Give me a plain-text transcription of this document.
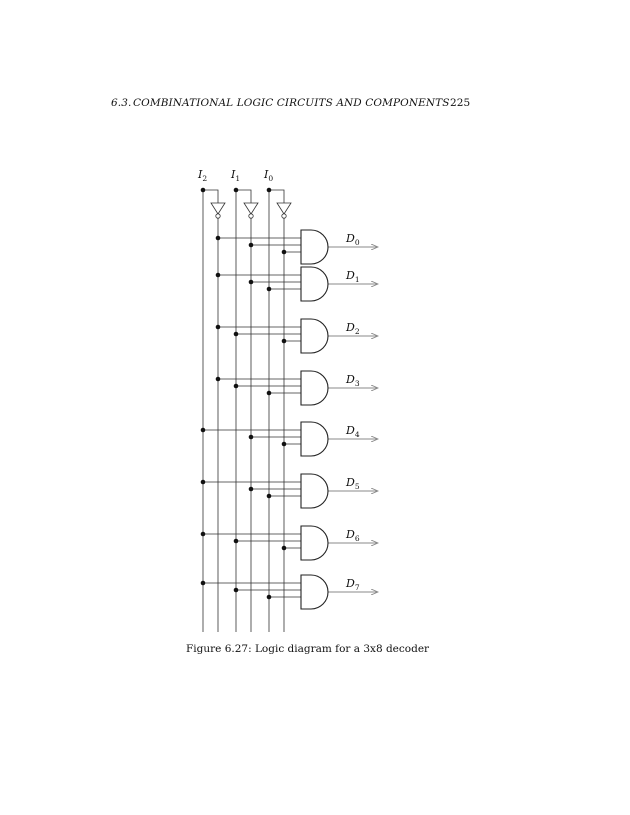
6.3. COMBINATIONAL LOGIC CIRCUITS AND COMPONENTS 225
$I_2$ $I_1$ $I_0$
$D_0$
$D_1$
$D_2$
$D_3$
$D_4$
$D_5$
$D_6$
$D_7$
Figure 6.27: Logic diagram for a 3x8 decoder
